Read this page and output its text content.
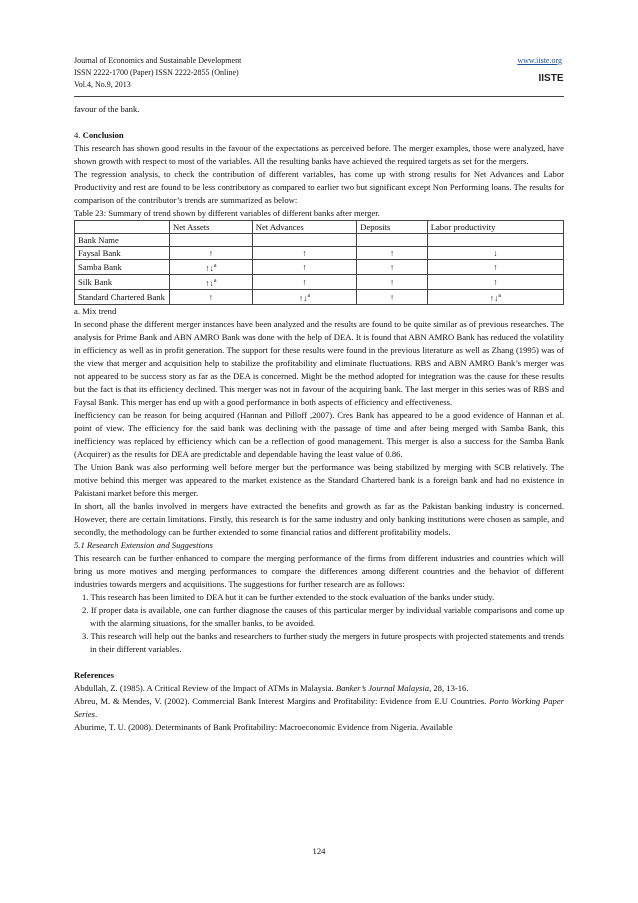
Journal of Economics and Sustainable Development
ISSN 2222-1700 (Paper) ISSN 2222-2855 (Online)
Vol.4, No.9, 2013
www.iiste.org
IISTE

favour of the bank.

4. Conclusion

This research has shown good results in the favour of the expectations as perceived before. The merger examples, those were analyzed, have shown growth with respect to most of the variables. All the resulting banks have achieved the required targets as set for the mergers.

The regression analysis, to check the contribution of different variables, has come up with strong results for Net Advances and Labor Productivity and rest are found to be less contributory as compared to earlier two but significant except Non Performing loans. The results for comparison of the contributor’s trends are summarized as below:

Table 23: Summary of trend shown by different variables of different banks after merger.

	Net Assets	Net Advances	Deposits	Labor productivity
Bank Name				
Faysal Bank	↑	↑	↑	↓
Samba Bank	↑↓$^a$	↑	↑	↑
Silk Bank	↑↓$^a$	↑	↑	↑
Standard Chartered Bank	↑	↑↓$^a$	↑	↑↓$^a$

a. Mix trend

In second phase the different merger instances have been analyzed and the results are found to be quite similar as of previous researches. The analysis for Prime Bank and ABN AMRO Bank was done with the help of DEA. It is found that ABN AMRO Bank has reduced the volatility in efficiency as well as in profit generation. The support for these results were found in the previous literature as well as Zhang (1995) was of the view that merger and acquisition help to stabilize the profitability and eliminate fluctuations. RBS and ABN AMRO Bank’s merger was not appeared to be success story as far as the DEA is concerned. Might be the method adopted for integration was the cause for these results but the fact is that its efficiency declined. This merger was not in favour of the acquiring bank. The last merger in this series was of RBS and Faysal Bank. This merger has end up with a good performance in both aspects of efficiency and effectiveness.

Inefficiency can be reason for being acquired (Hannan and Pilloff ,2007). Cres Bank has appeared to be a good evidence of Hannan et al. point of view. The efficiency for the said bank was declining with the passage of time and after being merged with Samba Bank, this inefficiency was replaced by efficiency which can be a reflection of good management. This merger is also a success for the Samba Bank (Acquirer) as the results for DEA are predictable and dependable having the least value of 0.86.

The Union Bank was also performing well before merger but the performance was being stabilized by merging with SCB relatively. The motive behind this merger was appeared to the market existence as the Standard Chartered bank is a foreign bank and had no existence in Pakistani market before this merger.

In short, all the banks involved in mergers have extracted the benefits and growth as far as the Pakistan banking industry is concerned. However, there are certain limitations. Firstly, this research is for the same industry and only banking institutions were chosen as sample, and secondly, the methodology can be further extended to some financial ratios and different profitability models.

5.1 Research Extension and Suggestions

This research can be further enhanced to compare the merging performance of the firms from different industries and countries which will bring us more motives and merging performances to compare the differences among different countries and the behavior of different industries towards mergers and acquisitions. The suggestions for further research are as follows:

1. This research has been limited to DEA but it can be further extended to the stock evaluation of the banks under study.
2. If proper data is available, one can further diagnose the causes of this particular merger by individual variable comparisons and come up with the alarming situations, for the smaller banks, to be avoided.
3. This research will help out the banks and researchers to further study the mergers in future prospects with projected statements and trends in their different variables.

References

Abdullah, Z. (1985). A Critical Review of the Impact of ATMs in Malaysia. Banker’s Journal Malaysia, 28, 13-16.

Abreu, M. & Mendes, V. (2002). Commercial Bank Interest Margins and Profitability: Evidence from E.U Countries. Porto Working Paper Series.

Aburime, T. U. (2008). Determinants of Bank Profitability: Macroeconomic Evidence from Nigeria. Available

124
